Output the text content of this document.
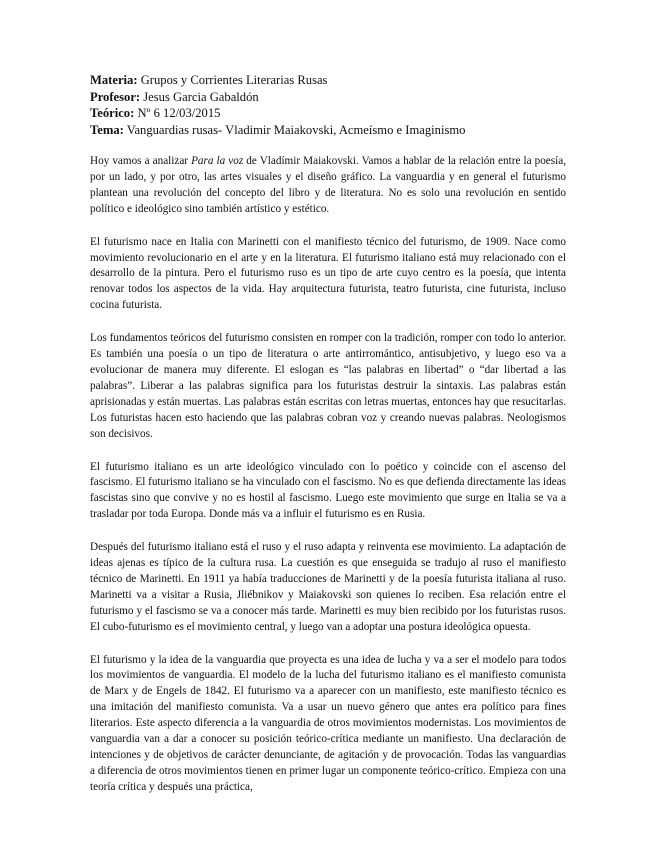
Materia: Grupos y Corrientes Literarias Rusas

Profesor: Jesus Garcia Gabaldón

Teórico: Nº 6 12/03/2015

Tema: Vanguardias rusas- Vladimir Maiakovski, Acmeísmo e Imaginismo

Hoy vamos a analizar Para la voz de Vladímir Maiakovski. Vamos a hablar de la relación entre la poesía, por un lado, y por otro, las artes visuales y el diseño gráfico. La vanguardia y en general el futurismo plantean una revolución del concepto del libro y de literatura. No es solo una revolución en sentido político e ideológico sino también artístico y estético.

El futurismo nace en Italia con Marinetti con el manifiesto técnico del futurismo, de 1909. Nace como movimiento revolucionario en el arte y en la literatura. El futurismo italiano está muy relacionado con el desarrollo de la pintura. Pero el futurismo ruso es un tipo de arte cuyo centro es la poesía, que intenta renovar todos los aspectos de la vida. Hay arquitectura futurista, teatro futurista, cine futurista, incluso cocina futurista.

Los fundamentos teóricos del futurismo consisten en romper con la tradición, romper con todo lo anterior. Es también una poesía o un tipo de literatura o arte antirromántico, antisubjetivo, y luego eso va a evolucionar de manera muy diferente. El eslogan es “las palabras en libertad” o “dar libertad a las palabras”. Liberar a las palabras significa para los futuristas destruir la sintaxis. Las palabras están aprisionadas y están muertas. Las palabras están escritas con letras muertas, entonces hay que resucitarlas. Los futuristas hacen esto haciendo que las palabras cobran voz y creando nuevas palabras. Neologismos son decisivos.

El futurismo italiano es un arte ideológico vinculado con lo poético y coincide con el ascenso del fascismo. El futurismo italiano se ha vinculado con el fascismo. No es que defienda directamente las ideas fascistas sino que convive y no es hostil al fascismo. Luego este movimiento que surge en Italia se va a trasladar por toda Europa. Donde más va a influir el futurismo es en Rusia.

Después del futurismo italiano está el ruso y el ruso adapta y reinventa ese movimiento. La adaptación de ideas ajenas es típico de la cultura rusa. La cuestión es que enseguida se tradujo al ruso el manifiesto técnico de Marinetti. En 1911 ya había traducciones de Marinetti y de la poesía futurista italiana al ruso. Marinetti va a visitar a Rusia, Jliébnikov y Maiakovski son quienes lo reciben. Esa relación entre el futurismo y el fascismo se va a conocer más tarde. Marinetti es muy bien recibido por los futuristas rusos. El cubo-futurismo es el movimiento central, y luego van a adoptar una postura ideológica opuesta.

El futurismo y la idea de la vanguardia que proyecta es una idea de lucha y va a ser el modelo para todos los movimientos de vanguardia. El modelo de la lucha del futurismo italiano es el manifiesto comunista de Marx y de Engels de 1842. El futurismo va a aparecer con un manifiesto, este manifiesto técnico es una imitación del manifiesto comunista. Va a usar un nuevo género que antes era político para fines literarios. Este aspecto diferencia a la vanguardia de otros movimientos modernistas. Los movimientos de vanguardia van a dar a conocer su posición teórico-crítica mediante un manifiesto. Una declaración de intenciones y de objetivos de carácter denunciante, de agitación y de provocación. Todas las vanguardias a diferencia de otros movimientos tienen en primer lugar un componente teórico-crítico. Empieza con una teoría crítica y después una práctica,
